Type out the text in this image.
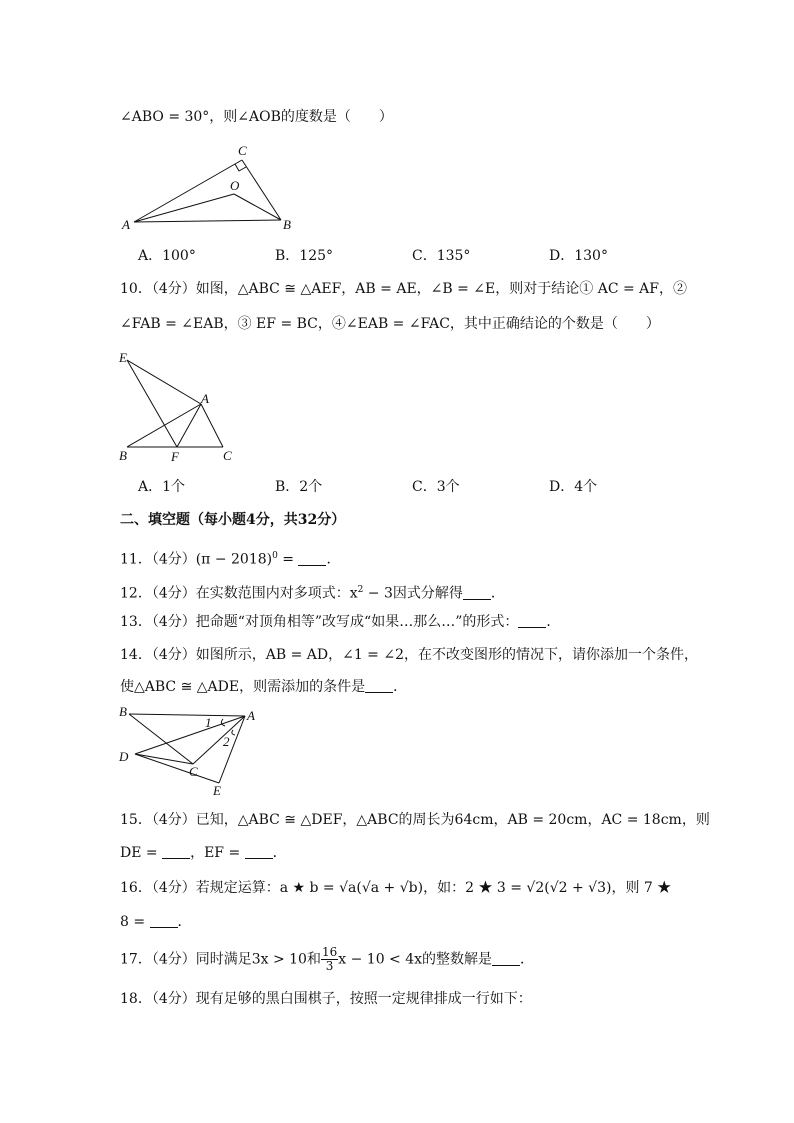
∠ABO = 30°，则∠AOB的度数是（　　）
A	B
C
O
A．100°	B．125°	C．135°	D．130°
10．（4分）如图，△ABC ≅ △AEF，AB = AE，∠B = ∠E，则对于结论① AC = AF，②
∠FAB = ∠EAB，③ EF = BC，④∠EAB = ∠FAC，其中正确结论的个数是（　　）
E
A
B	F	C
A．1个	B．2个	C．3个	D．4个
二、填空题（每小题4分，共32分）
11．（4分）$(\pi - 2018)^0$ = ．
12．（4分）在实数范围内对多项式：$x^2 - 3$因式分解得 ．
13．（4分）把命题“对顶角相等”改写成“如果…那么…”的形式： ．
14．（4分）如图所示，AB = AD，∠1 = ∠2，在不改变图形的情况下，请你添加一个条件，
使△ABC ≅ △ADE，则需添加的条件是 ．
B	A
D
C
E
1
2
15．（4分）已知，△ABC ≅ △DEF，△ABC的周长为64cm，AB = 20cm，AC = 18cm，则
DE = ，EF = ．
16．（4分）若规定运算：a ★ b = √a(√a + √b)，如：2 ★ 3 = √2(√2 + √3)，则 7 ★
8 = ．
17．（4分）同时满足3x > 10和 $\frac{16}{3}$ x − 10 < 4x的整数解是 ．
18．（4分）现有足够的黑白围棋子，按照一定规律排成一行如下：
